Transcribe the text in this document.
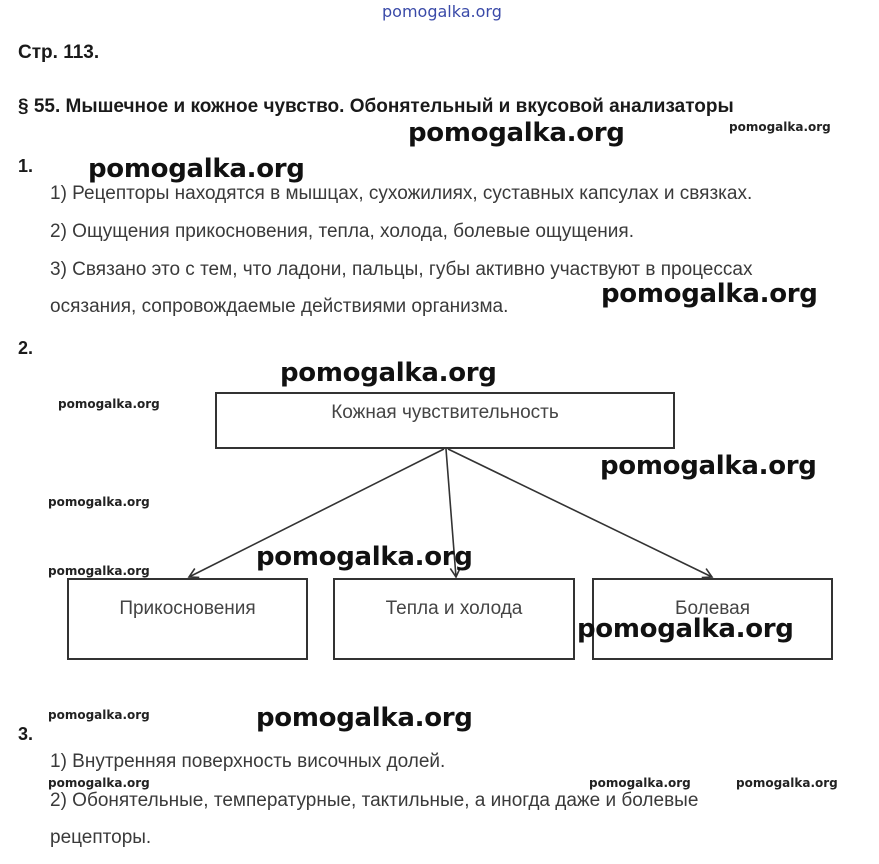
pomogalka.org
Стр. 113.
§ 55. Мышечное и кожное чувство. Обонятельный и вкусовой анализаторы
1.
1) Рецепторы находятся в мышцах, сухожилиях, суставных капсулах и связках.
2) Ощущения прикосновения, тепла, холода, болевые ощущения.
3) Связано это с тем, что ладони, пальцы, губы активно участвуют в процессах
осязания, сопровождаемые действиями организма.
2.
Кожная чувствительность
Прикосновения	Тепла и холода	Болевая
3.
1) Внутренняя поверхность височных долей.
2) Обонятельные, температурные, тактильные, а иногда даже и болевые
рецепторы.
pomogalka.org
pomogalka.org
pomogalka.org
pomogalka.org
pomogalka.org
pomogalka.org
pomogalka.org
pomogalka.org
pomogalka.org
pomogalka.org
pomogalka.org
pomogalka.org
pomogalka.org
pomogalka.org	pomogalka.org	pomogalka.org
